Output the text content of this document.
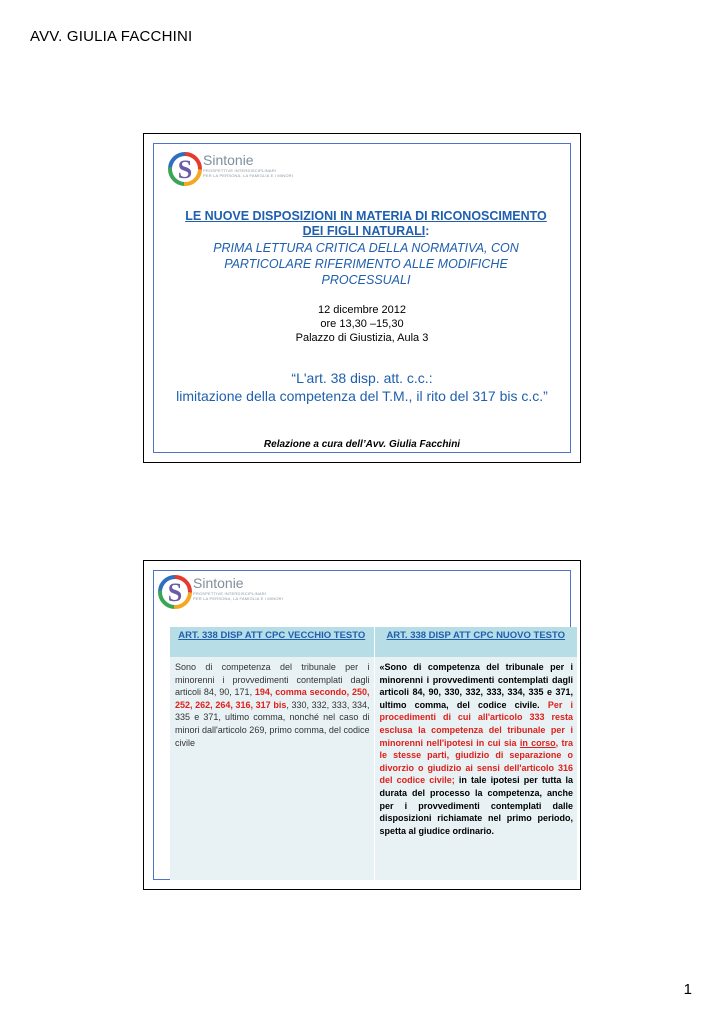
AVV. GIULIA FACCHINI
S Sintonie
PROSPETTIVE INTERDISCIPLINARI
PER LA PERSONA, LA FAMIGLIA E I MINORI
LE NUOVE DISPOSIZIONI IN MATERIA DI RICONOSCIMENTO
DEI FIGLI NATURALI:
PRIMA LETTURA CRITICA DELLA NORMATIVA, CON
PARTICOLARE RIFERIMENTO ALLE MODIFICHE
PROCESSUALI
12 dicembre 2012
ore 13,30 –15,30
Palazzo di Giustizia, Aula 3
“L'art. 38 disp. att. c.c.:
limitazione della competenza del T.M., il rito del 317 bis c.c.”
Relazione a cura dell’Avv. Giulia Facchini
S Sintonie
PROSPETTIVE INTERDISCIPLINARI
PER LA PERSONA, LA FAMIGLIA E I MINORI
ART. 338 DISP ATT CPC VECCHIO TESTO	ART. 338 DISP ATT CPC NUOVO TESTO
Sono di competenza del tribunale per i minorenni i provvedimenti contemplati dagli articoli 84, 90, 171, 194, comma secondo, 250, 252, 262, 264, 316, 317 bis, 330, 332, 333, 334, 335 e 371, ultimo comma, nonché nel caso di minori dall'articolo 269, primo comma, del codice civile
«Sono di competenza del tribunale per i minorenni i provvedimenti contemplati dagli articoli 84, 90, 330, 332, 333, 334, 335 e 371, ultimo comma, del codice civile. Per i procedimenti di cui all'articolo 333 resta esclusa la competenza del tribunale per i minorenni nell'ipotesi in cui sia in corso, tra le stesse parti, giudizio di separazione o divorzio o giudizio ai sensi dell'articolo 316 del codice civile; in tale ipotesi per tutta la durata del processo la competenza, anche per i provvedimenti contemplati dalle disposizioni richiamate nel primo periodo, spetta al giudice ordinario.
1
